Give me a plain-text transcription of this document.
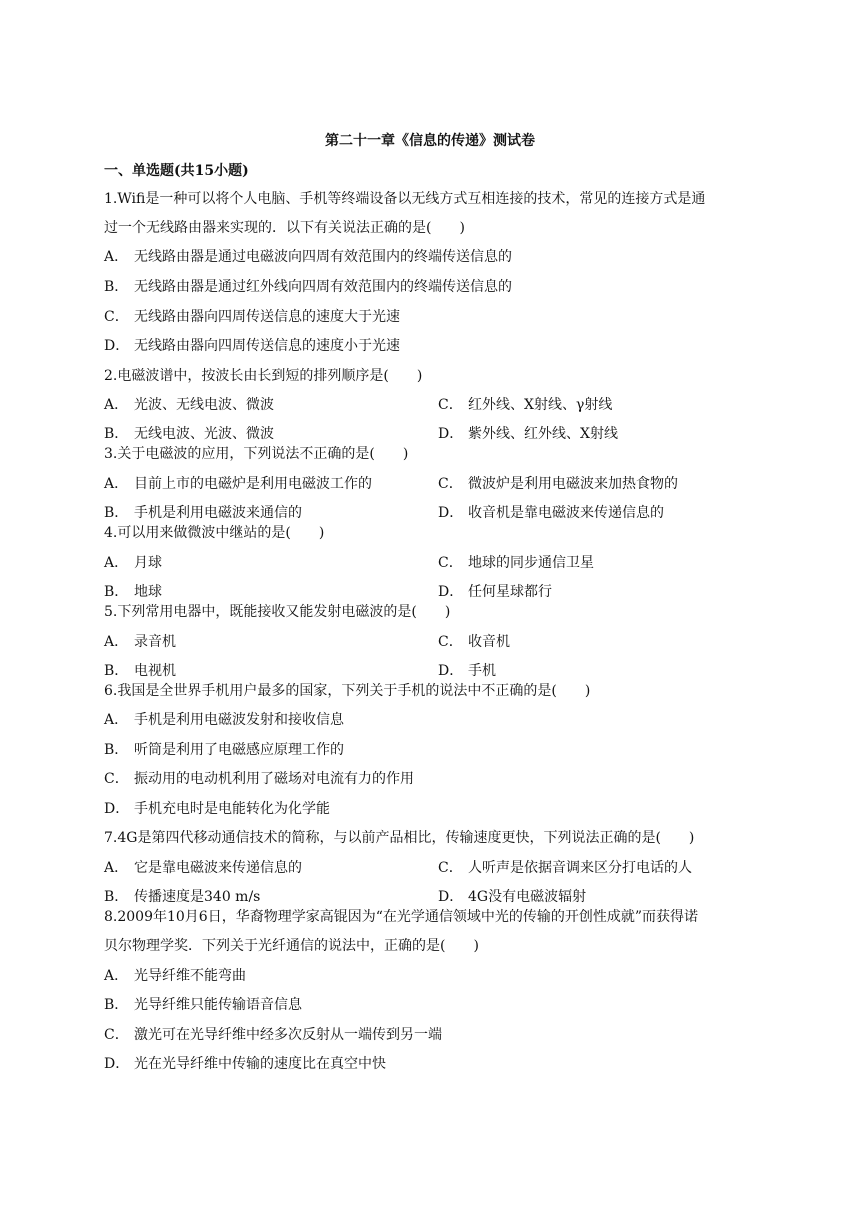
第二十一章《信息的传递》测试卷
一、单选题(共15小题)
1.Wifi是一种可以将个人电脑、手机等终端设备以无线方式互相连接的技术，常见的连接方式是通
过一个无线路由器来实现的．以下有关说法正确的是(　　)
A． 无线路由器是通过电磁波向四周有效范围内的终端传送信息的
B． 无线路由器是通过红外线向四周有效范围内的终端传送信息的
C． 无线路由器向四周传送信息的速度大于光速
D． 无线路由器向四周传送信息的速度小于光速
2.电磁波谱中，按波长由长到短的排列顺序是(　　)
A． 光波、无线电波、微波	C． 红外线、X射线、γ射线
B． 无线电波、光波、微波	D． 紫外线、红外线、X射线
3.关于电磁波的应用，下列说法不正确的是(　　)
A． 目前上市的电磁炉是利用电磁波工作的	C． 微波炉是利用电磁波来加热食物的
B． 手机是利用电磁波来通信的	D． 收音机是靠电磁波来传递信息的
4.可以用来做微波中继站的是(　　)
A． 月球	C． 地球的同步通信卫星
B． 地球	D． 任何星球都行
5.下列常用电器中，既能接收又能发射电磁波的是(　　)
A． 录音机	C． 收音机
B． 电视机	D． 手机
6.我国是全世界手机用户最多的国家，下列关于手机的说法中不正确的是(　　)
A． 手机是利用电磁波发射和接收信息
B． 听筒是利用了电磁感应原理工作的
C． 振动用的电动机利用了磁场对电流有力的作用
D． 手机充电时是电能转化为化学能
7.4G是第四代移动通信技术的简称，与以前产品相比，传输速度更快，下列说法正确的是(　　)
A． 它是靠电磁波来传递信息的	C． 人听声是依据音调来区分打电话的人
B． 传播速度是340 m/s	D． 4G没有电磁波辐射
8.2009年10月6日，华裔物理学家高锟因为“在光学通信领域中光的传输的开创性成就”而获得诺
贝尔物理学奖．下列关于光纤通信的说法中，正确的是(　　)
A． 光导纤维不能弯曲
B． 光导纤维只能传输语音信息
C． 激光可在光导纤维中经多次反射从一端传到另一端
D． 光在光导纤维中传输的速度比在真空中快
